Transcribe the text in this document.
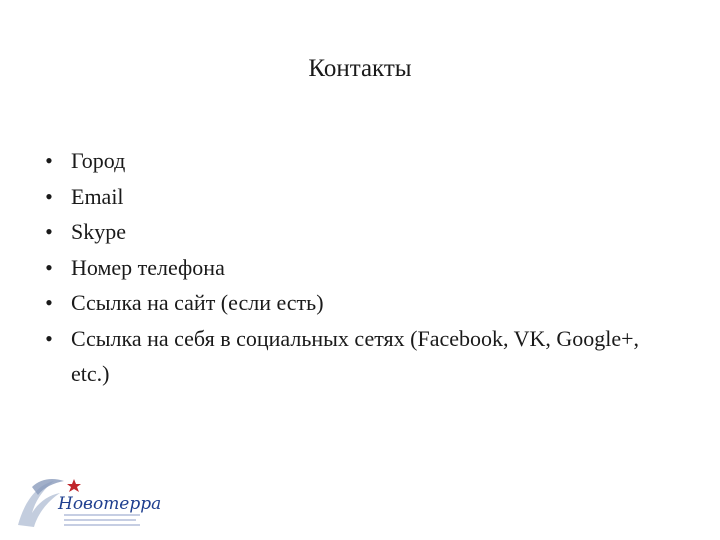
Контакты
• Город
• Email
• Skype
• Номер телефона
• Ссылка на сайт (если есть)
• Ссылка на себя в социальных сетях (Facebook, VK, Google+, etc.)
Новотерра
